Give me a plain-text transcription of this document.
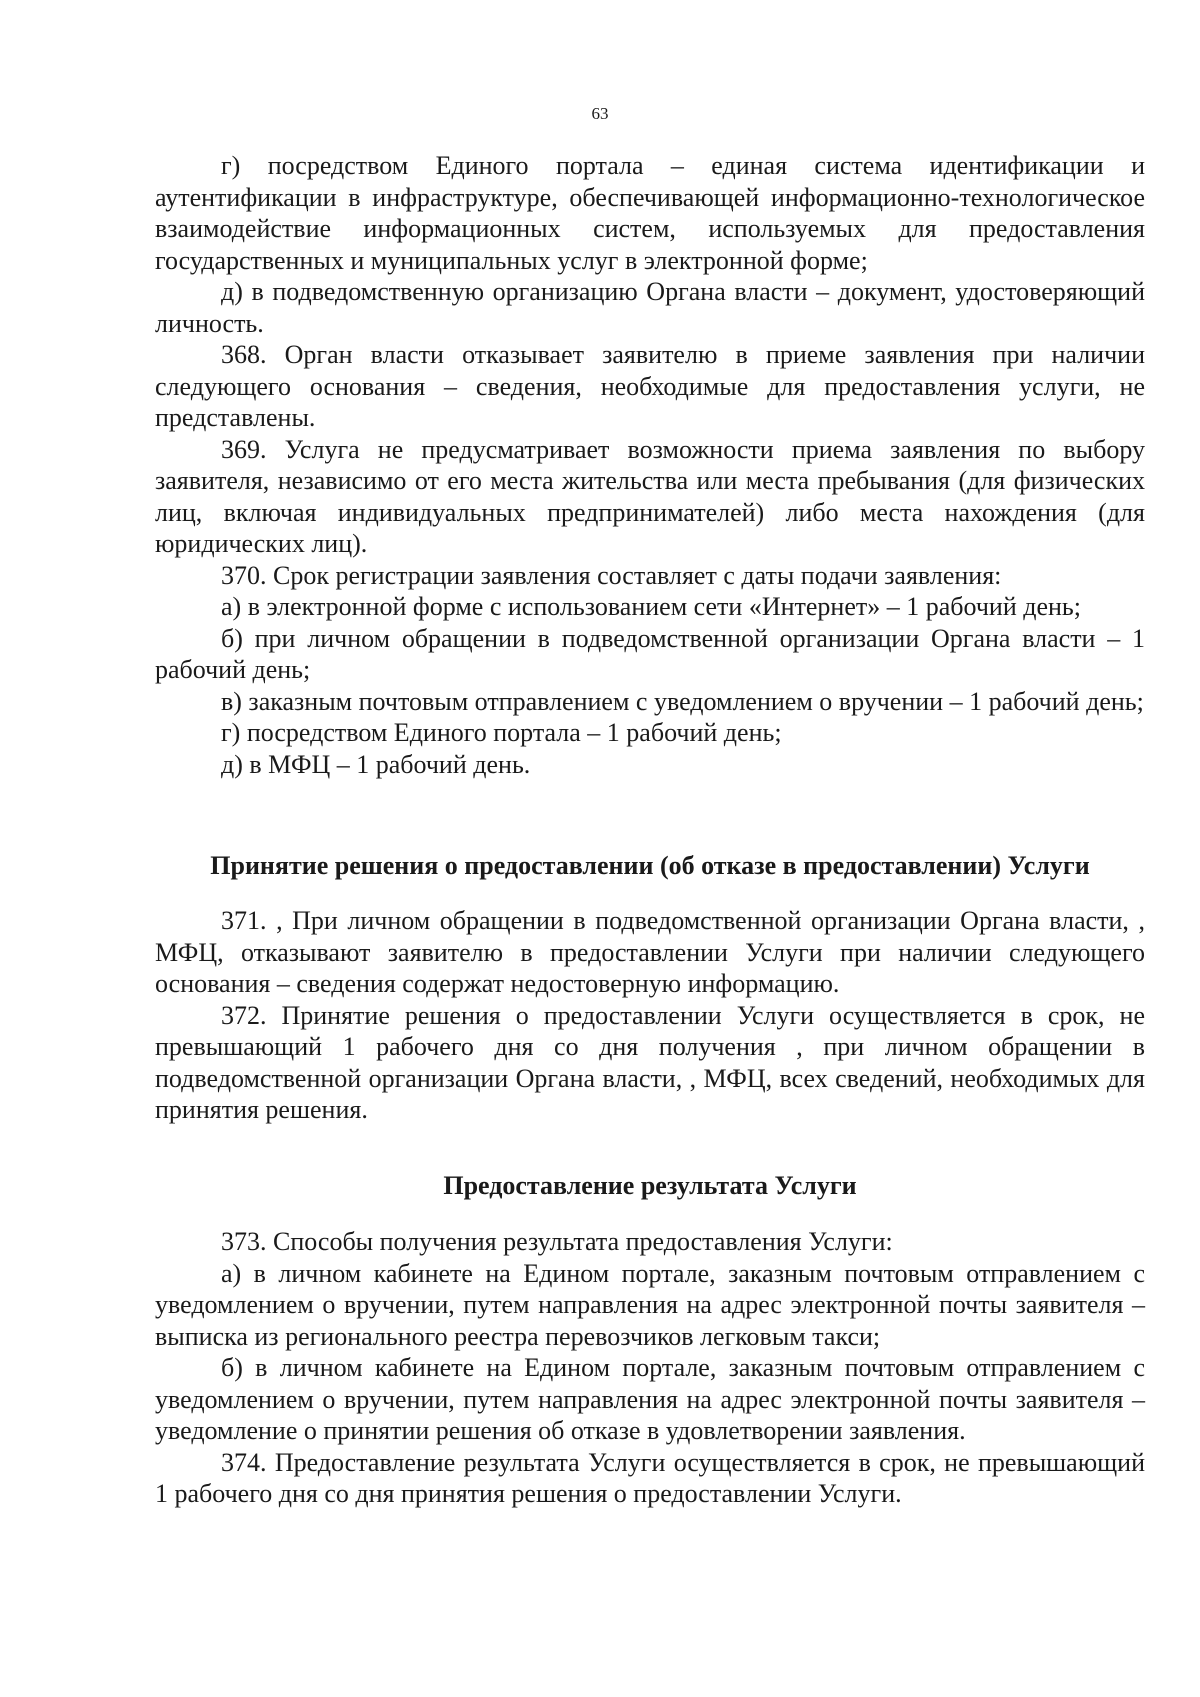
63

г) посредством Единого портала – единая система идентификации и аутентификации в инфраструктуре, обеспечивающей информационно-технологическое взаимодействие информационных систем, используемых для предоставления государственных и муниципальных услуг в электронной форме;

д) в подведомственную организацию Органа власти – документ, удостоверяющий личность.

368. Орган власти отказывает заявителю в приеме заявления при наличии следующего основания – сведения, необходимые для предоставления услуги, не представлены.

369. Услуга не предусматривает возможности приема заявления по выбору заявителя, независимо от его места жительства или места пребывания (для физических лиц, включая индивидуальных предпринимателей) либо места нахождения (для юридических лиц).

370. Срок регистрации заявления составляет с даты подачи заявления:

а) в электронной форме с использованием сети «Интернет» – 1 рабочий день;

б) при личном обращении в подведомственной организации Органа власти – 1 рабочий день;

в) заказным почтовым отправлением с уведомлением о вручении – 1 рабочий день;

г) посредством Единого портала – 1 рабочий день;

д) в МФЦ – 1 рабочий день.

Принятие решения о предоставлении (об отказе в предоставлении) Услуги

371. , При личном обращении в подведомственной организации Органа власти, , МФЦ, отказывают заявителю в предоставлении Услуги при наличии следующего основания – сведения содержат недостоверную информацию.

372. Принятие решения о предоставлении Услуги осуществляется в срок, не превышающий 1 рабочего дня со дня получения , при личном обращении в подведомственной организации Органа власти, , МФЦ, всех сведений, необходимых для принятия решения.

Предоставление результата Услуги

373. Способы получения результата предоставления Услуги:

а) в личном кабинете на Едином портале, заказным почтовым отправлением с уведомлением о вручении, путем направления на адрес электронной почты заявителя – выписка из регионального реестра перевозчиков легковым такси;

б) в личном кабинете на Едином портале, заказным почтовым отправлением с уведомлением о вручении, путем направления на адрес электронной почты заявителя – уведомление о принятии решения об отказе в удовлетворении заявления.

374. Предоставление результата Услуги осуществляется в срок, не превышающий 1 рабочего дня со дня принятия решения о предоставлении Услуги.
